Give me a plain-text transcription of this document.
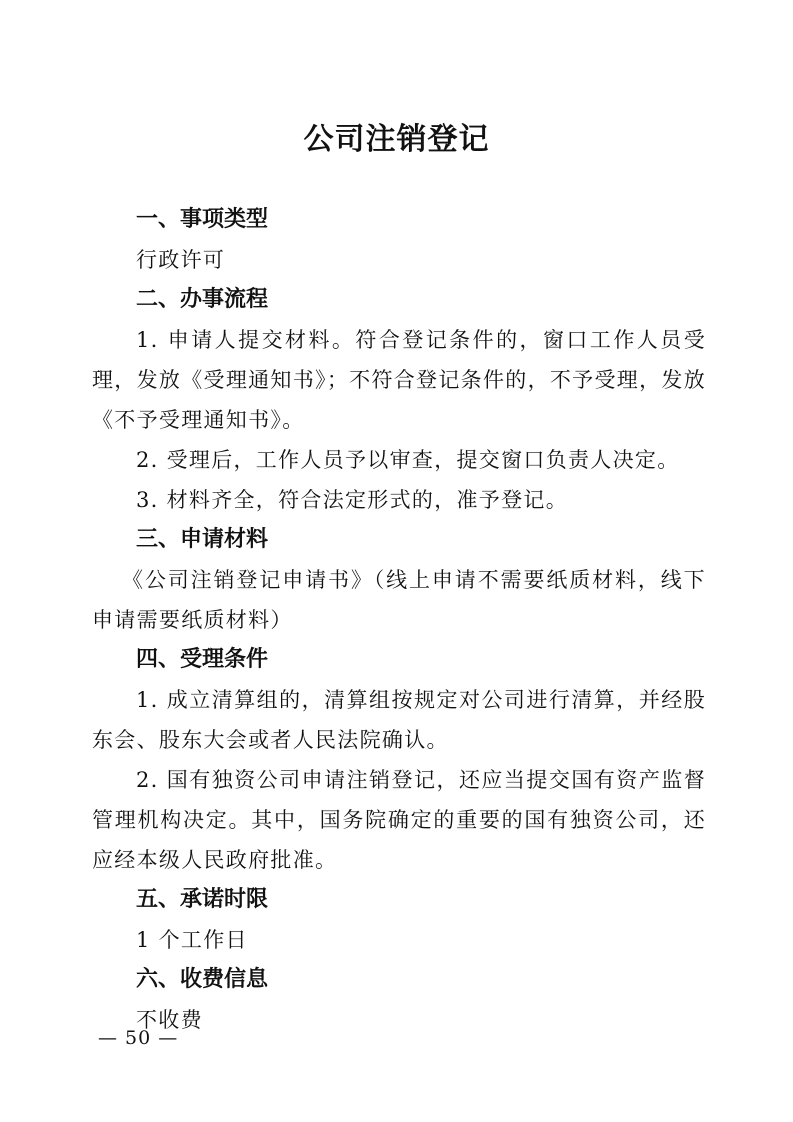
公司注销登记
一、事项类型
行政许可
二、办事流程
1. 申请人提交材料。符合登记条件的，窗口工作人员受理，发放《受理通知书》；不符合登记条件的，不予受理，发放《不予受理通知书》。
2. 受理后，工作人员予以审查，提交窗口负责人决定。
3. 材料齐全，符合法定形式的，准予登记。
三、申请材料
《公司注销登记申请书》（线上申请不需要纸质材料，线下申请需要纸质材料）
四、受理条件
1. 成立清算组的，清算组按规定对公司进行清算，并经股东会、股东大会或者人民法院确认。
2. 国有独资公司申请注销登记，还应当提交国有资产监督管理机构决定。其中，国务院确定的重要的国有独资公司，还应经本级人民政府批准。
五、承诺时限
1 个工作日
六、收费信息
不收费
— 50 —
